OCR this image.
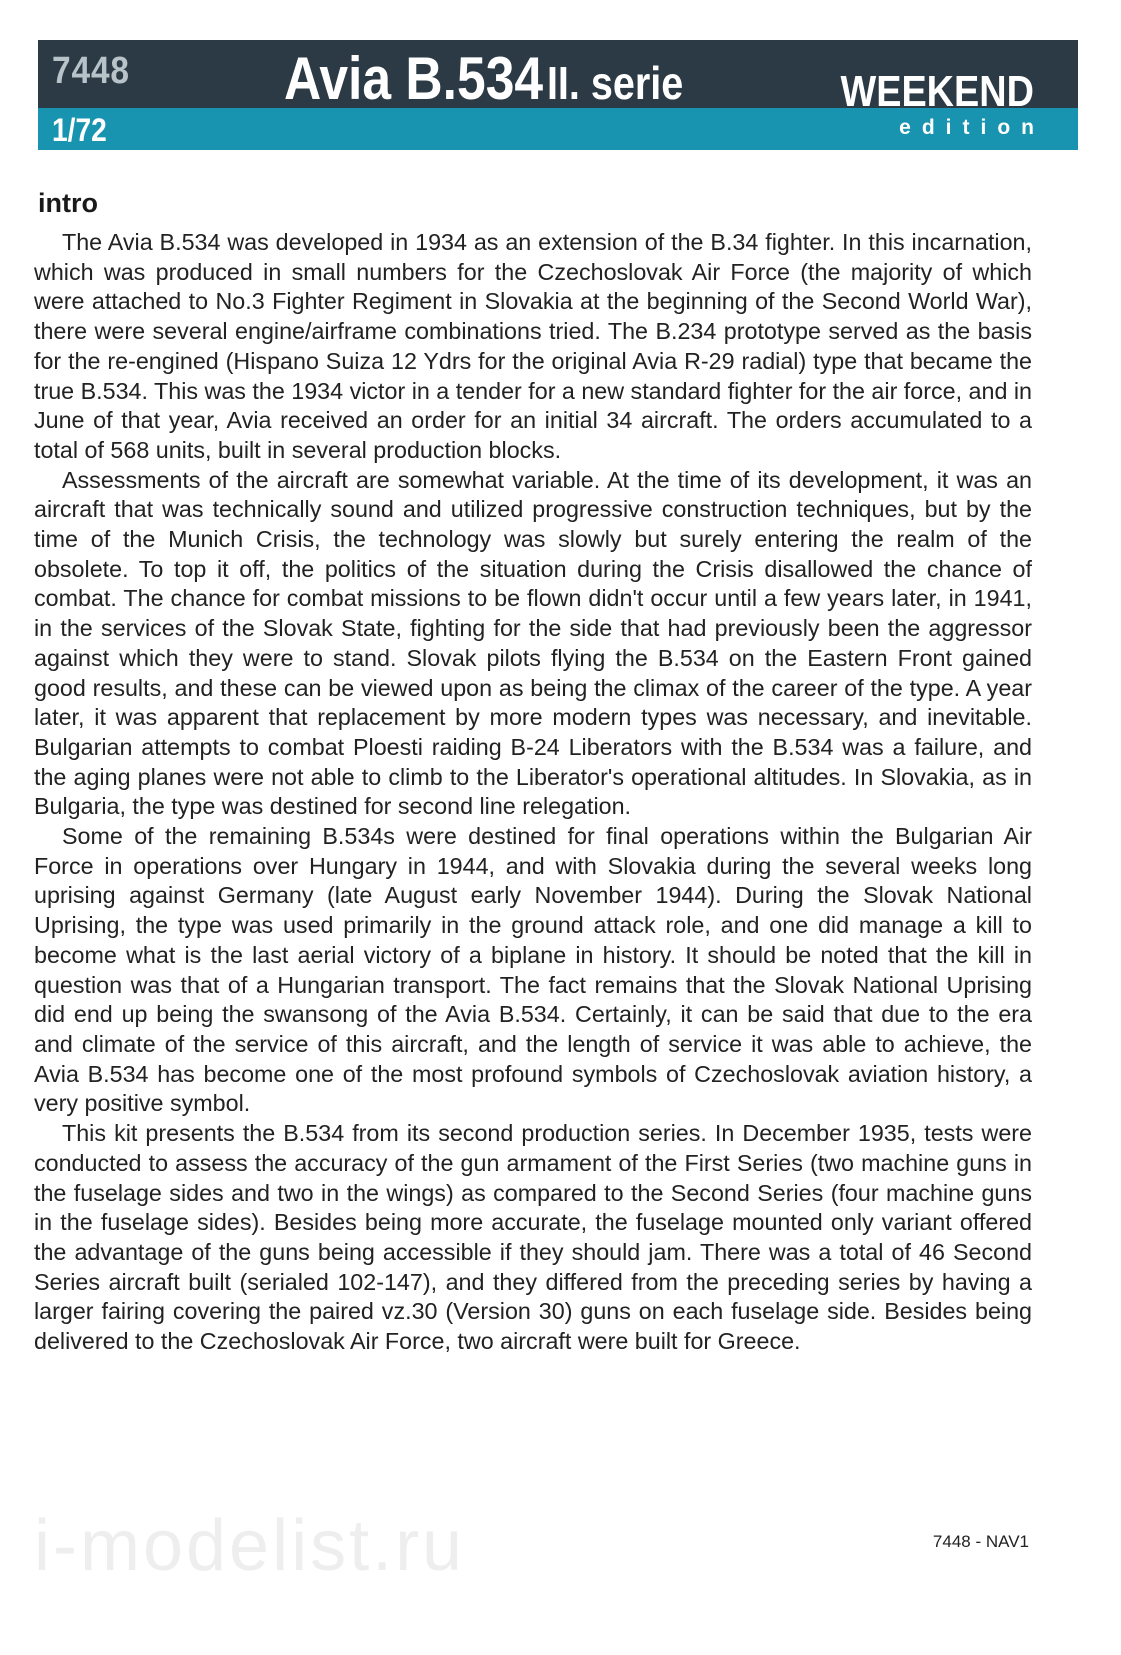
7448
1/72
Avia B.534 II. serie	WEEKEND
edition
intro

The Avia B.534 was developed in 1934 as an extension of the B.34 fighter. In this incarnation, which was produced in small numbers for the Czechoslovak Air Force (the majority of which were attached to No.3 Fighter Regiment in Slovakia at the beginning of the Second World War), there were several engine/airframe combinations tried. The B.234 prototype served as the basis for the re-engined (Hispano Suiza 12 Ydrs for the original Avia R-29 radial) type that became the true B.534. This was the 1934 victor in a tender for a new standard fighter for the air force, and in June of that year, Avia received an order for an initial 34 aircraft. The orders accumulated to a total of 568 units, built in several production blocks.

Assessments of the aircraft are somewhat variable. At the time of its development, it was an aircraft that was technically sound and utilized progressive construction techniques, but by the time of the Munich Crisis, the technology was slowly but surely entering the realm of the obsolete. To top it off, the politics of the situation during the Crisis disallowed the chance of combat. The chance for combat missions to be flown didn't occur until a few years later, in 1941, in the services of the Slovak State, fighting for the side that had previously been the aggressor against which they were to stand. Slovak pilots flying the B.534 on the Eastern Front gained good results, and these can be viewed upon as being the climax of the career of the type. A year later, it was apparent that replacement by more modern types was necessary, and inevitable. Bulgarian attempts to combat Ploesti raiding B-24 Liberators with the B.534 was a failure, and the aging planes were not able to climb to the Liberator's operational altitudes. In Slovakia, as in Bulgaria, the type was destined for second line relegation.

Some of the remaining B.534s were destined for final operations within the Bulgarian Air Force in operations over Hungary in 1944, and with Slovakia during the several weeks long uprising against Germany (late August early November 1944). During the Slovak National Uprising, the type was used primarily in the ground attack role, and one did manage a kill to become what is the last aerial victory of a biplane in history. It should be noted that the kill in question was that of a Hungarian transport. The fact remains that the Slovak National Uprising did end up being the swansong of the Avia B.534. Certainly, it can be said that due to the era and climate of the service of this aircraft, and the length of service it was able to achieve, the Avia B.534 has become one of the most profound symbols of Czechoslovak aviation history, a very positive symbol.

This kit presents the B.534 from its second production series. In December 1935, tests were conducted to assess the accuracy of the gun armament of the First Series (two machine guns in the fuselage sides and two in the wings) as compared to the Second Series (four machine guns in the fuselage sides). Besides being more accurate, the fuselage mounted only variant offered the advantage of the guns being accessible if they should jam. There was a total of 46 Second Series aircraft built (serialed 102-147), and they differed from the preceding series by having a larger fairing covering the paired vz.30 (Version 30) guns on each fuselage side. Besides being delivered to the Czechoslovak Air Force, two aircraft were built for Greece.

i-modelist.ru	7448 - NAV1
